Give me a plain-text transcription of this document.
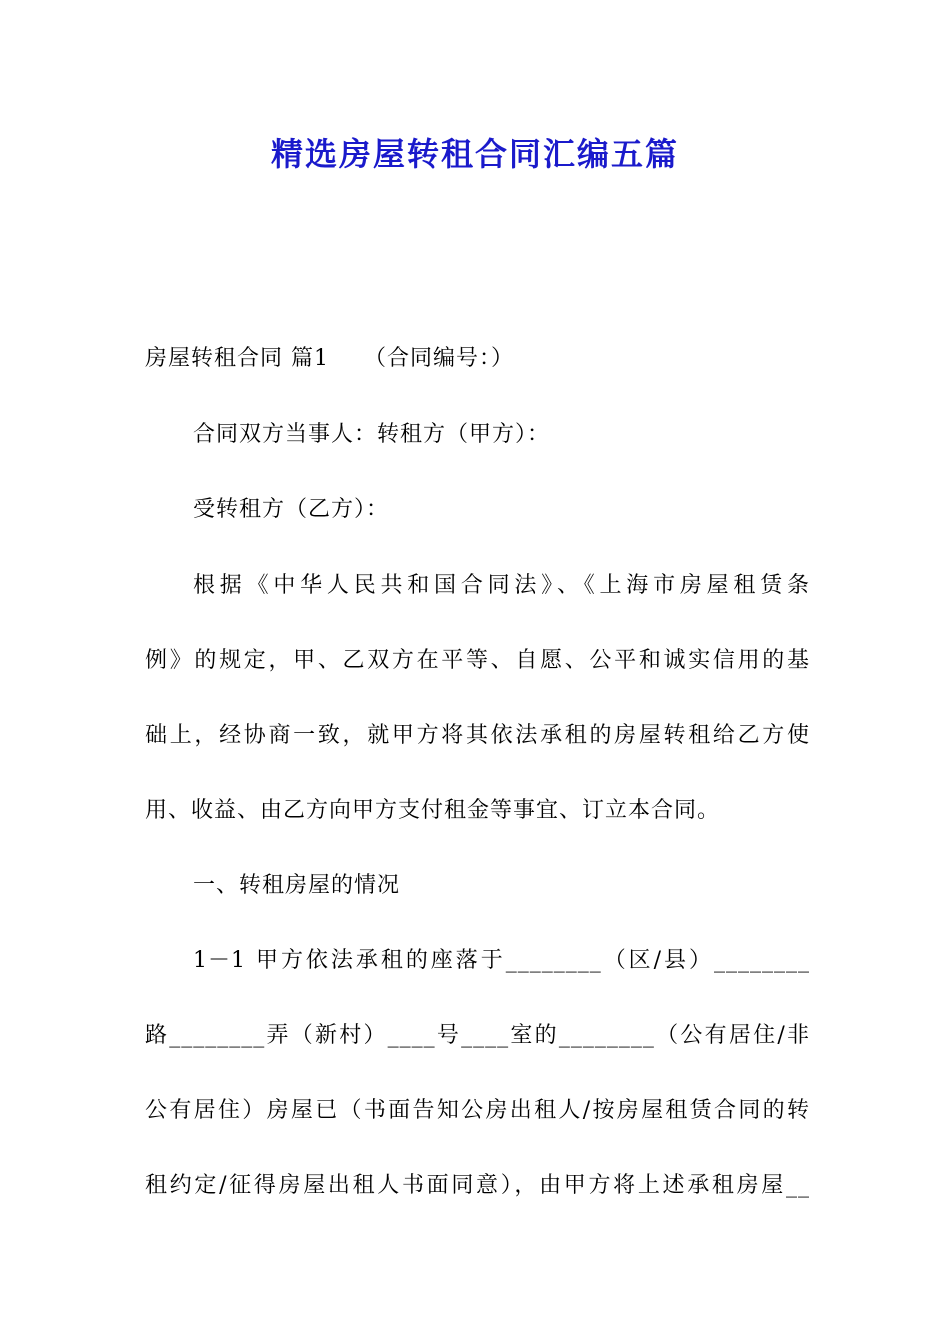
精选房屋转租合同汇编五篇
房屋转租合同 篇1　　（合同编号：）
合同双方当事人：转租方（甲方）：
受转租方（乙方）：
根据《中华人民共和国合同法》、《上海市房屋租赁条
例》的规定，甲、乙双方在平等、自愿、公平和诚实信用的基
础上，经协商一致，就甲方将其依法承租的房屋转租给乙方使
用、收益、由乙方向甲方支付租金等事宜、订立本合同。
一、转租房屋的情况
1－1 甲方依法承租的座落于________（区/县）________
路________弄（新村）____号____室的________（公有居住/非
公有居住）房屋已（书面告知公房出租人/按房屋租赁合同的转
租约定/征得房屋出租人书面同意），由甲方将上述承租房屋__
